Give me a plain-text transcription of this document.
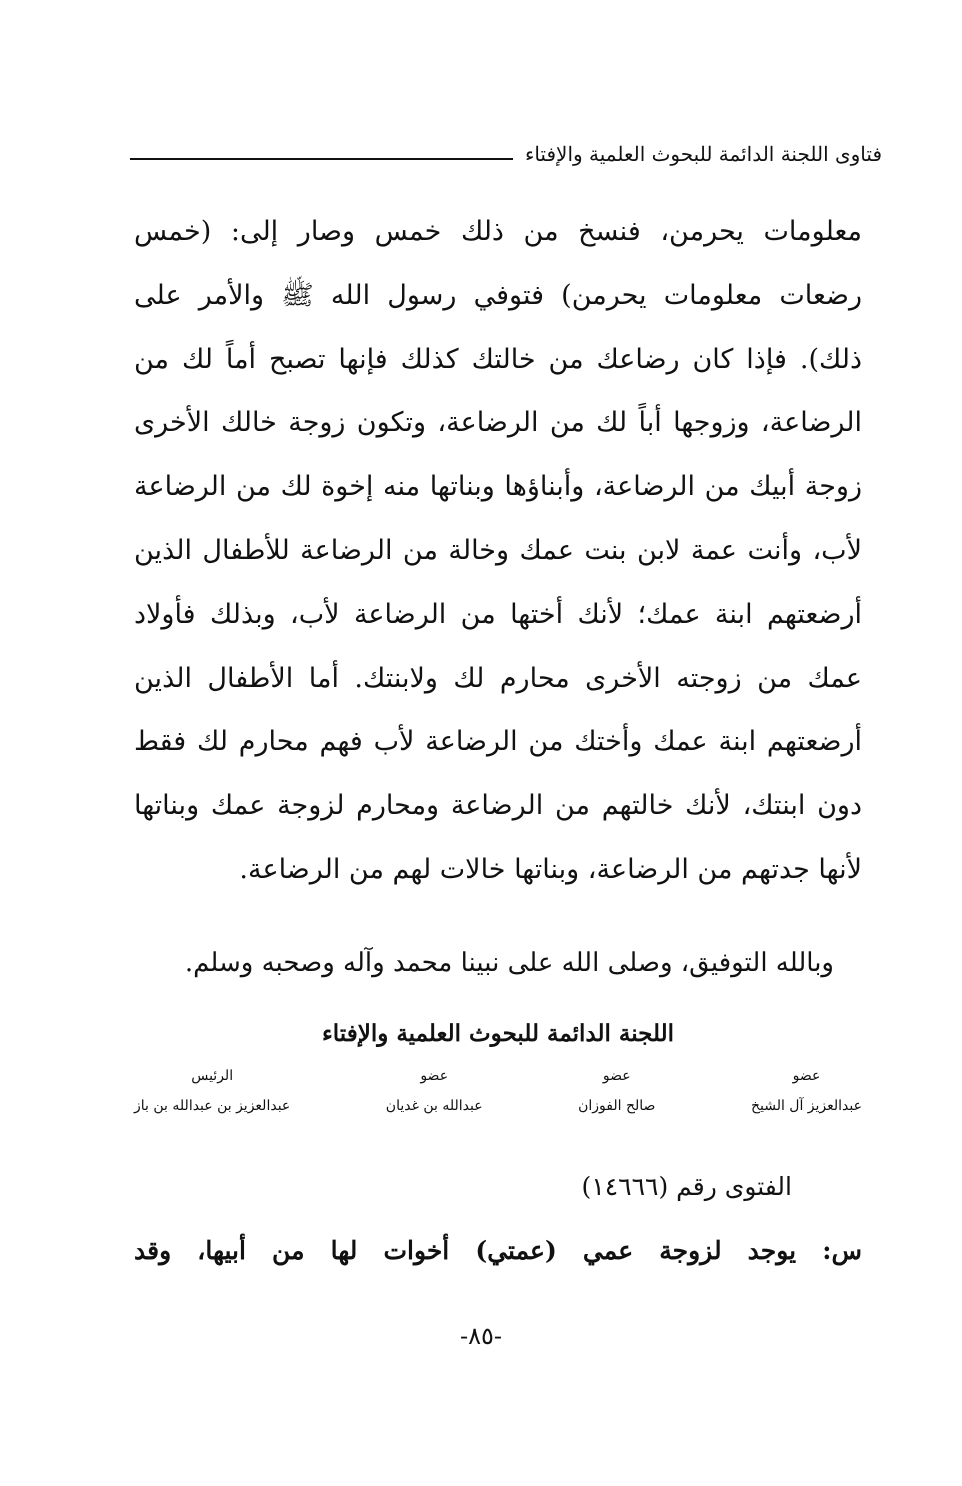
فتاوى اللجنة الدائمة للبحوث العلمية والإفتاء

معلومات يحرمن، فنسخ من ذلك خمس وصار إلى: (خمس رضعات معلومات يحرمن) فتوفي رسول الله ﷺ والأمر على ذلك). فإذا كان رضاعك من خالتك كذلك فإنها تصبح أماً لك من الرضاعة، وزوجها أباً لك من الرضاعة، وتكون زوجة خالك الأخرى زوجة أبيك من الرضاعة، وأبناؤها وبناتها منه إخوة لك من الرضاعة لأب، وأنت عمة لابن بنت عمك وخالة من الرضاعة للأطفال الذين أرضعتهم ابنة عمك؛ لأنك أختها من الرضاعة لأب، وبذلك فأولاد عمك من زوجته الأخرى محارم لك ولابنتك. أما الأطفال الذين أرضعتهم ابنة عمك وأختك من الرضاعة لأب فهم محارم لك فقط دون ابنتك، لأنك خالتهم من الرضاعة ومحارم لزوجة عمك وبناتها لأنها جدتهم من الرضاعة، وبناتها خالات لهم من الرضاعة.

وبالله التوفيق، وصلى الله على نبينا محمد وآله وصحبه وسلم.
اللجنة الدائمة للبحوث العلمية والإفتاء
عضو
عبدالعزيز آل الشيخ
عضو
صالح الفوزان
عضو
عبدالله بن غديان
الرئيس
عبدالعزيز بن عبدالله بن باز
الفتوى رقم (١٤٦٦٦)
س: يوجد لزوجة عمي (عمتي) أخوات لها من أبيها، وقد
-٨٥-
